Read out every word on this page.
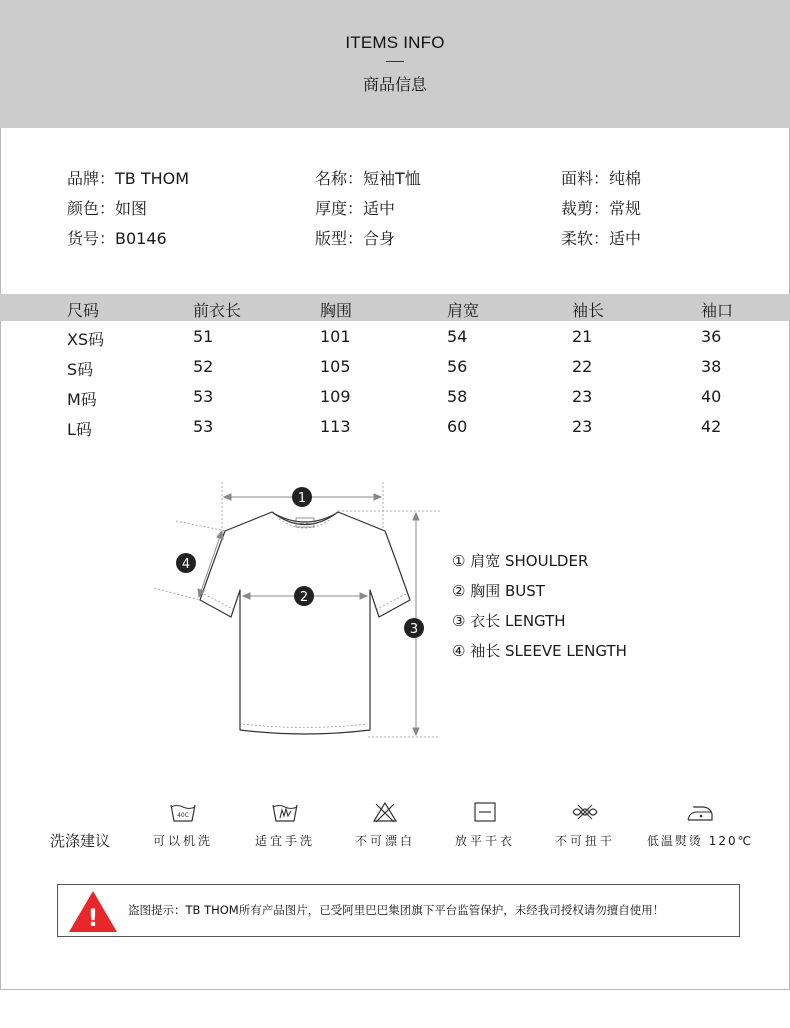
ITEMS INFO
商品信息
品牌：TB THOM	名称：短袖T恤	面料：纯棉
颜色：如图	厚度：适中	裁剪：常规
货号：B0146	版型：合身	柔软：适中
尺码	前衣长	胸围	肩宽	袖长	袖口
XS码	51	101	54	21	36
S码	52	105	56	22	38
M码	53	109	58	23	40
L码	53	113	60	23	42
~~
1
2
3
4	① 肩宽 SHOULDER
② 胸围 BUST
③ 衣长 LENGTH
④ 袖长 SLEEVE LENGTH
洗涤建议
40C
可以机洗	适宜手洗	不可漂白	放平干衣	不可扭干	低温熨烫 120℃
!	盗图提示：TB THOM所有产品图片，已受阿里巴巴集团旗下平台监管保护，未经我司授权请勿擅自使用！
